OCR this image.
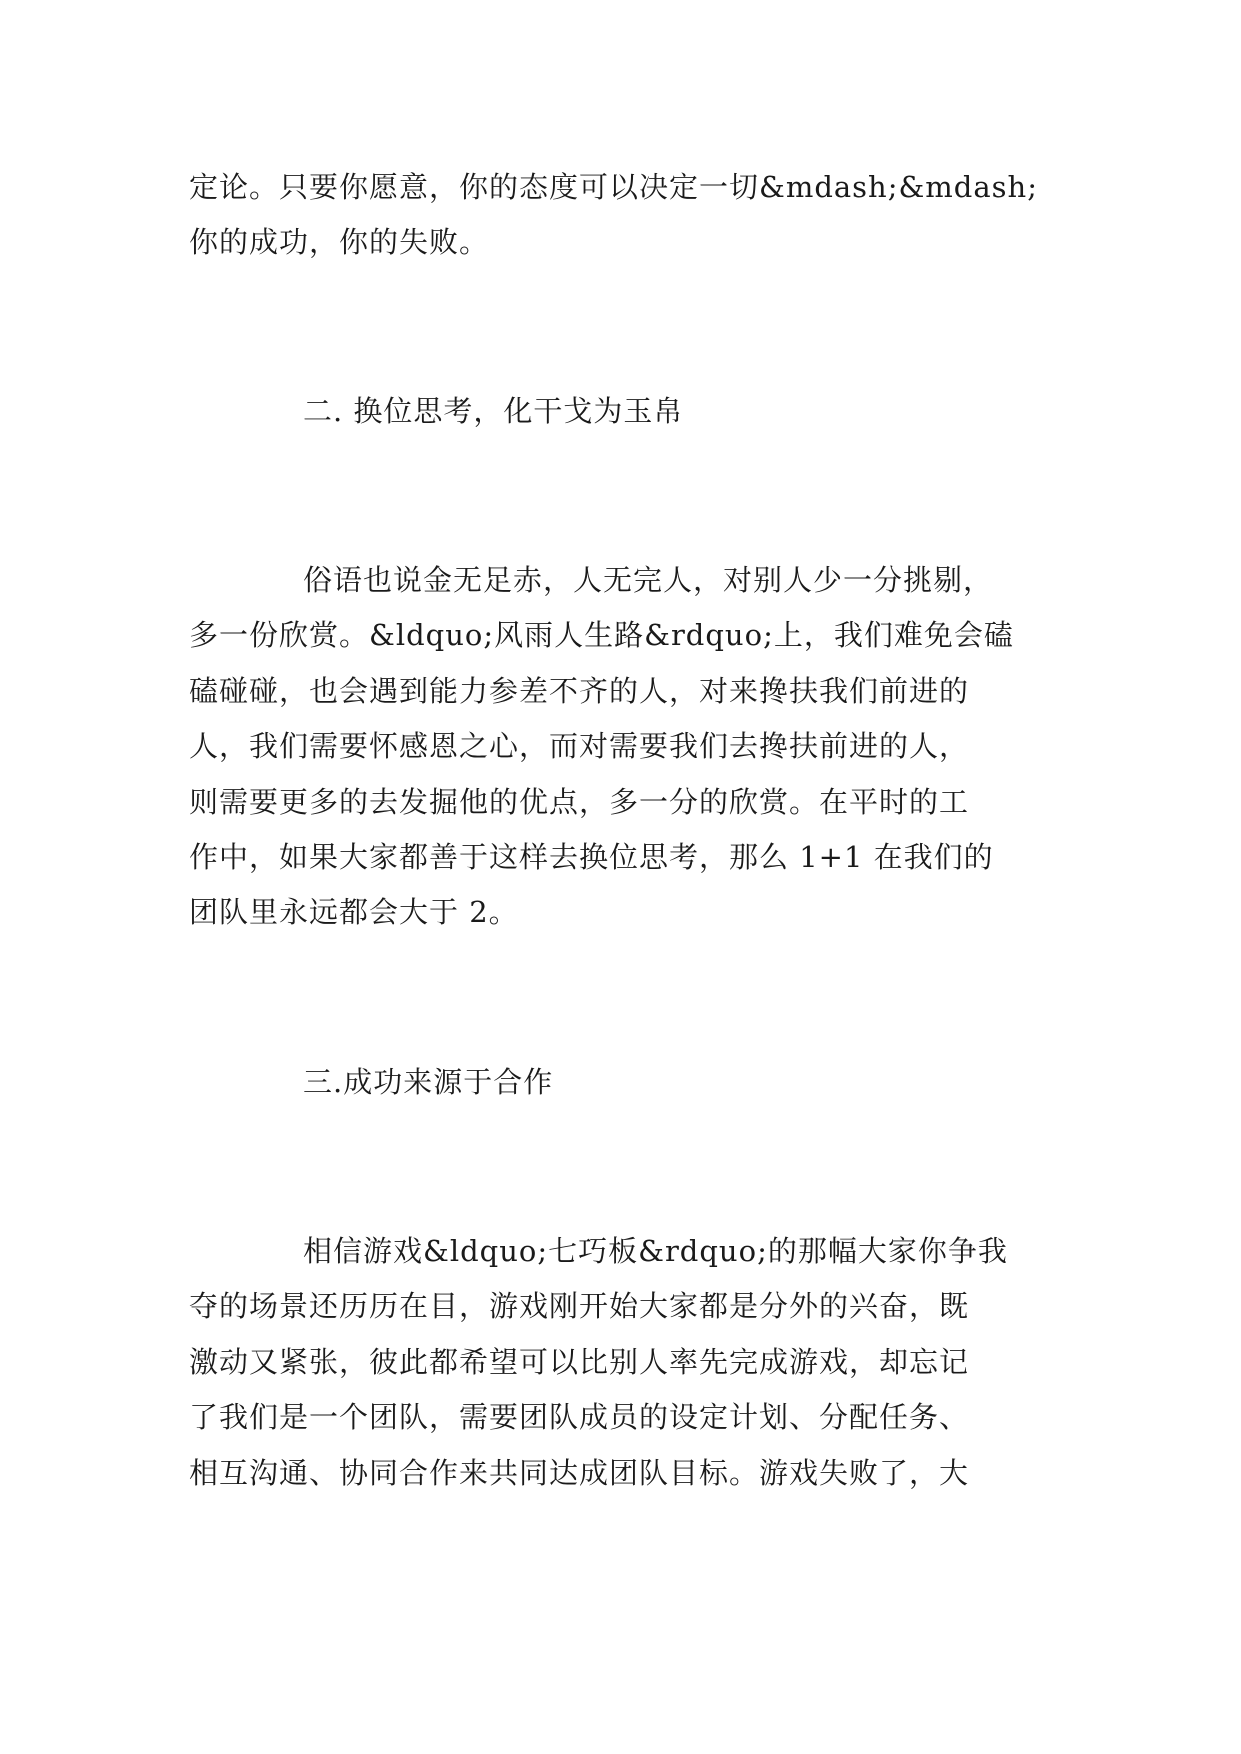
定论。只要你愿意，你的态度可以决定一切&mdash;&mdash;
你的成功，你的失败。
二. 换位思考，化干戈为玉帛
俗语也说金无足赤，人无完人，对别人少一分挑剔，
多一份欣赏。&ldquo;风雨人生路&rdquo;上，我们难免会磕
磕碰碰，也会遇到能力参差不齐的人，对来搀扶我们前进的
人，我们需要怀感恩之心，而对需要我们去搀扶前进的人，
则需要更多的去发掘他的优点，多一分的欣赏。在平时的工
作中，如果大家都善于这样去换位思考，那么 1+1 在我们的
团队里永远都会大于 2。
三.成功来源于合作
相信游戏&ldquo;七巧板&rdquo;的那幅大家你争我
夺的场景还历历在目，游戏刚开始大家都是分外的兴奋，既
激动又紧张，彼此都希望可以比别人率先完成游戏，却忘记
了我们是一个团队，需要团队成员的设定计划、分配任务、
相互沟通、协同合作来共同达成团队目标。游戏失败了，大
